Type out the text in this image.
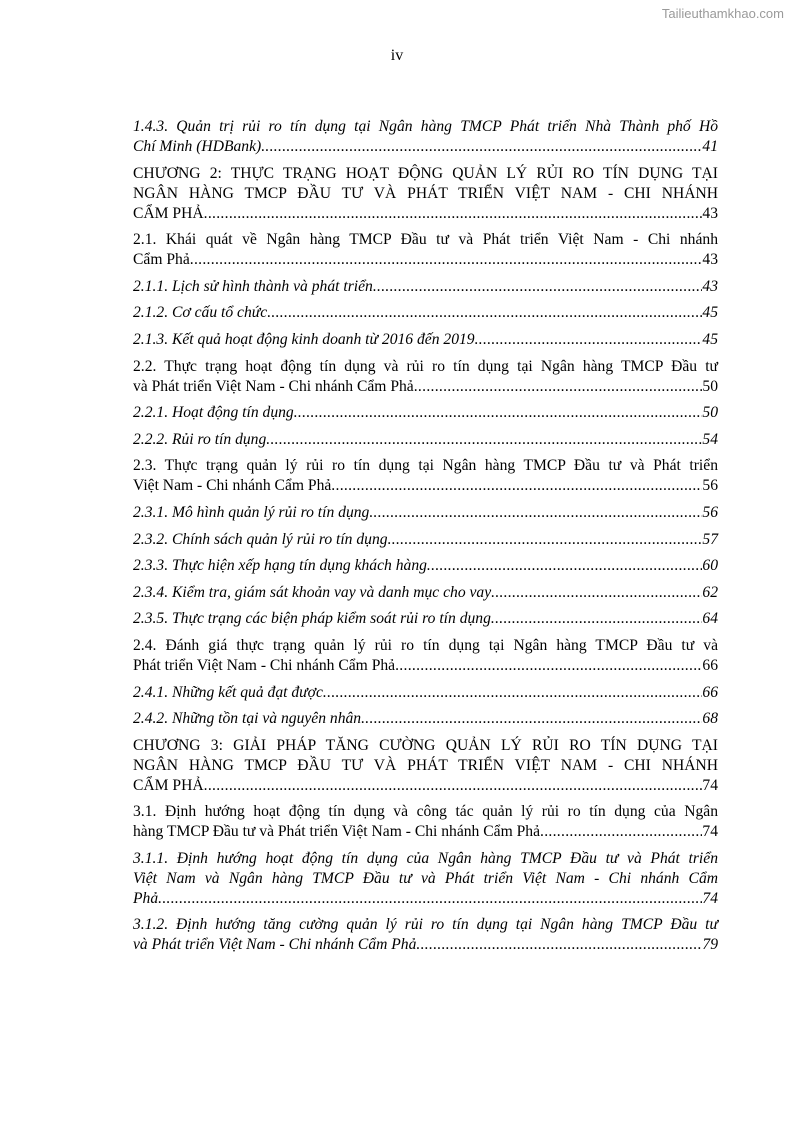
Tailieuthamkhao.com
iv
1.4.3. Quản trị rủi ro tín dụng tại Ngân hàng TMCP Phát triển Nhà Thành phố Hồ
Chí Minh (HDBank) .....	41
CHƯƠNG 2: THỰC TRẠNG HOẠT ĐỘNG QUẢN LÝ RỦI RO TÍN DỤNG TẠI
NGÂN HÀNG TMCP ĐẦU TƯ VÀ PHÁT TRIỂN VIỆT NAM - CHI NHÁNH
CẨM PHẢ .....	43
2.1. Khái quát về Ngân hàng TMCP Đầu tư và Phát triển Việt Nam - Chi nhánh
Cẩm Phả .....	43
2.1.1. Lịch sử hình thành và phát triển .....	43
2.1.2. Cơ cấu tổ chức .....	45
2.1.3. Kết quả hoạt động kinh doanh từ 2016 đến 2019 .....	45
2.2. Thực trạng hoạt động tín dụng và rủi ro tín dụng tại Ngân hàng TMCP Đầu tư
và Phát triển Việt Nam - Chi nhánh Cẩm Phả .....	50
2.2.1. Hoạt động tín dụng .....	50
2.2.2. Rủi ro tín dụng .....	54
2.3. Thực trạng quản lý rủi ro tín dụng tại Ngân hàng TMCP Đầu tư và Phát triển
Việt Nam - Chi nhánh Cẩm Phả .....	56
2.3.1. Mô hình quản lý rủi ro tín dụng .....	56
2.3.2. Chính sách quản lý rủi ro tín dụng .....	57
2.3.3. Thực hiện xếp hạng tín dụng khách hàng .....	60
2.3.4. Kiểm tra, giám sát khoản vay và danh mục cho vay .....	62
2.3.5. Thực trạng các biện pháp kiểm soát rủi ro tín dụng .....	64
2.4. Đánh giá thực trạng quản lý rủi ro tín dụng tại Ngân hàng TMCP Đầu tư và
Phát triển Việt Nam - Chi nhánh Cẩm Phả .....	66
2.4.1. Những kết quả đạt được .....	66
2.4.2. Những tồn tại và nguyên nhân .....	68
CHƯƠNG 3: GIẢI PHÁP TĂNG CƯỜNG QUẢN LÝ RỦI RO TÍN DỤNG TẠI
NGÂN HÀNG TMCP ĐẦU TƯ VÀ PHÁT TRIỂN VIỆT NAM - CHI NHÁNH
CẨM PHẢ .....	74
3.1. Định hướng hoạt động tín dụng và công tác quản lý rủi ro tín dụng của Ngân
hàng TMCP Đầu tư và Phát triển Việt Nam - Chi nhánh Cẩm Phả .....	74
3.1.1. Định hướng hoạt động tín dụng của Ngân hàng TMCP Đầu tư và Phát triển
Việt Nam và Ngân hàng TMCP Đầu tư và Phát triển Việt Nam - Chi nhánh Cẩm
Phả .....	74
3.1.2. Định hướng tăng cường quản lý rủi ro tín dụng tại Ngân hàng TMCP Đầu tư
và Phát triển Việt Nam - Chi nhánh Cẩm Phả .....	79
